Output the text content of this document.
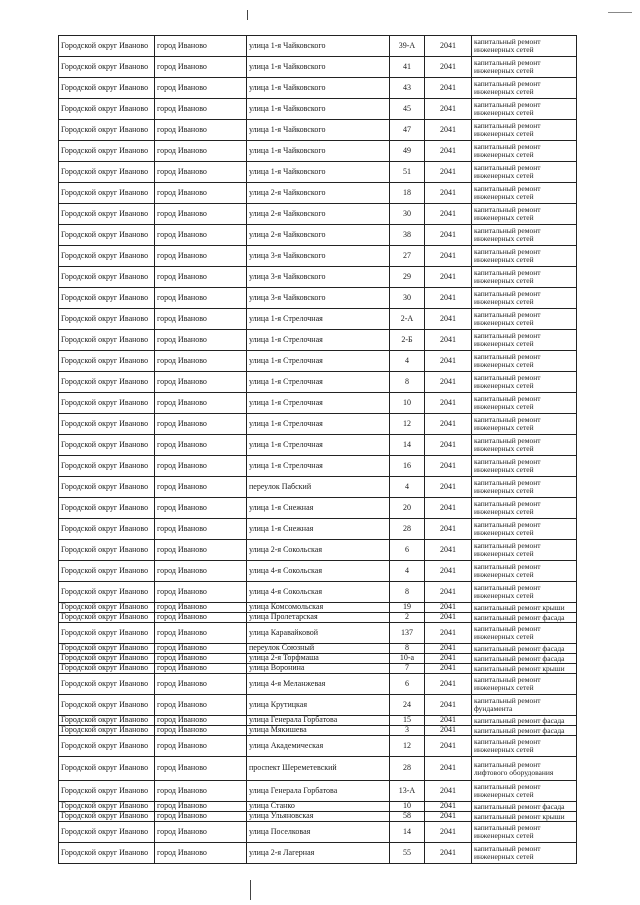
Городской округ Иваново	город Иваново	улица 1-я Чайковского	39-А	2041	капитальный ремонт инженерных сетей
Городской округ Иваново	город Иваново	улица 1-я Чайковского	41	2041	капитальный ремонт инженерных сетей
Городской округ Иваново	город Иваново	улица 1-я Чайковского	43	2041	капитальный ремонт инженерных сетей
Городской округ Иваново	город Иваново	улица 1-я Чайковского	45	2041	капитальный ремонт инженерных сетей
Городской округ Иваново	город Иваново	улица 1-я Чайковского	47	2041	капитальный ремонт инженерных сетей
Городской округ Иваново	город Иваново	улица 1-я Чайковского	49	2041	капитальный ремонт инженерных сетей
Городской округ Иваново	город Иваново	улица 1-я Чайковского	51	2041	капитальный ремонт инженерных сетей
Городской округ Иваново	город Иваново	улица 2-я Чайковского	18	2041	капитальный ремонт инженерных сетей
Городской округ Иваново	город Иваново	улица 2-я Чайковского	30	2041	капитальный ремонт инженерных сетей
Городской округ Иваново	город Иваново	улица 2-я Чайковского	38	2041	капитальный ремонт инженерных сетей
Городской округ Иваново	город Иваново	улица 3-я Чайковского	27	2041	капитальный ремонт инженерных сетей
Городской округ Иваново	город Иваново	улица 3-я Чайковского	29	2041	капитальный ремонт инженерных сетей
Городской округ Иваново	город Иваново	улица 3-я Чайковского	30	2041	капитальный ремонт инженерных сетей
Городской округ Иваново	город Иваново	улица 1-я Стрелочная	2-А	2041	капитальный ремонт инженерных сетей
Городской округ Иваново	город Иваново	улица 1-я Стрелочная	2-Б	2041	капитальный ремонт инженерных сетей
Городской округ Иваново	город Иваново	улица 1-я Стрелочная	4	2041	капитальный ремонт инженерных сетей
Городской округ Иваново	город Иваново	улица 1-я Стрелочная	8	2041	капитальный ремонт инженерных сетей
Городской округ Иваново	город Иваново	улица 1-я Стрелочная	10	2041	капитальный ремонт инженерных сетей
Городской округ Иваново	город Иваново	улица 1-я Стрелочная	12	2041	капитальный ремонт инженерных сетей
Городской округ Иваново	город Иваново	улица 1-я Стрелочная	14	2041	капитальный ремонт инженерных сетей
Городской округ Иваново	город Иваново	улица 1-я Стрелочная	16	2041	капитальный ремонт инженерных сетей
Городской округ Иваново	город Иваново	переулок Пабский	4	2041	капитальный ремонт инженерных сетей
Городской округ Иваново	город Иваново	улица 1-я Снежная	20	2041	капитальный ремонт инженерных сетей
Городской округ Иваново	город Иваново	улица 1-я Снежная	28	2041	капитальный ремонт инженерных сетей
Городской округ Иваново	город Иваново	улица 2-я Сокольская	6	2041	капитальный ремонт инженерных сетей
Городской округ Иваново	город Иваново	улица 4-я Сокольская	4	2041	капитальный ремонт инженерных сетей
Городской округ Иваново	город Иваново	улица 4-я Сокольская	8	2041	капитальный ремонт инженерных сетей
Городской округ Иваново	город Иваново	улица Комсомольская	19	2041	капитальный ремонт крыши
Городской округ Иваново	город Иваново	улица Пролетарская	2	2041	капитальный ремонт фасада
Городской округ Иваново	город Иваново	улица Каравайковой	137	2041	капитальный ремонт инженерных сетей
Городской округ Иваново	город Иваново	переулок Союзный	8	2041	капитальный ремонт фасада
Городской округ Иваново	город Иваново	улица 2-я Торфмаша	10-а	2041	капитальный ремонт фасада
Городской округ Иваново	город Иваново	улица Воронина	7	2041	капитальный ремонт крыши
Городской округ Иваново	город Иваново	улица 4-я Меланжевая	6	2041	капитальный ремонт инженерных сетей
Городской округ Иваново	город Иваново	улица Крутицкая	24	2041	капитальный ремонт фундамента
Городской округ Иваново	город Иваново	улица Генерала Горбатова	15	2041	капитальный ремонт фасада
Городской округ Иваново	город Иваново	улица Мякишева	3	2041	капитальный ремонт фасада
Городской округ Иваново	город Иваново	улица Академическая	12	2041	капитальный ремонт инженерных сетей
Городской округ Иваново	город Иваново	проспект Шереметевский	28	2041	капитальный ремонт лифтового оборудования
Городской округ Иваново	город Иваново	улица Генерала Горбатова	13-А	2041	капитальный ремонт инженерных сетей
Городской округ Иваново	город Иваново	улица Станко	10	2041	капитальный ремонт фасада
Городской округ Иваново	город Иваново	улица Ульяновская	58	2041	капитальный ремонт крыши
Городской округ Иваново	город Иваново	улица Поселковая	14	2041	капитальный ремонт инженерных сетей
Городской округ Иваново	город Иваново	улица 2-я Лагерная	55	2041	капитальный ремонт инженерных сетей
